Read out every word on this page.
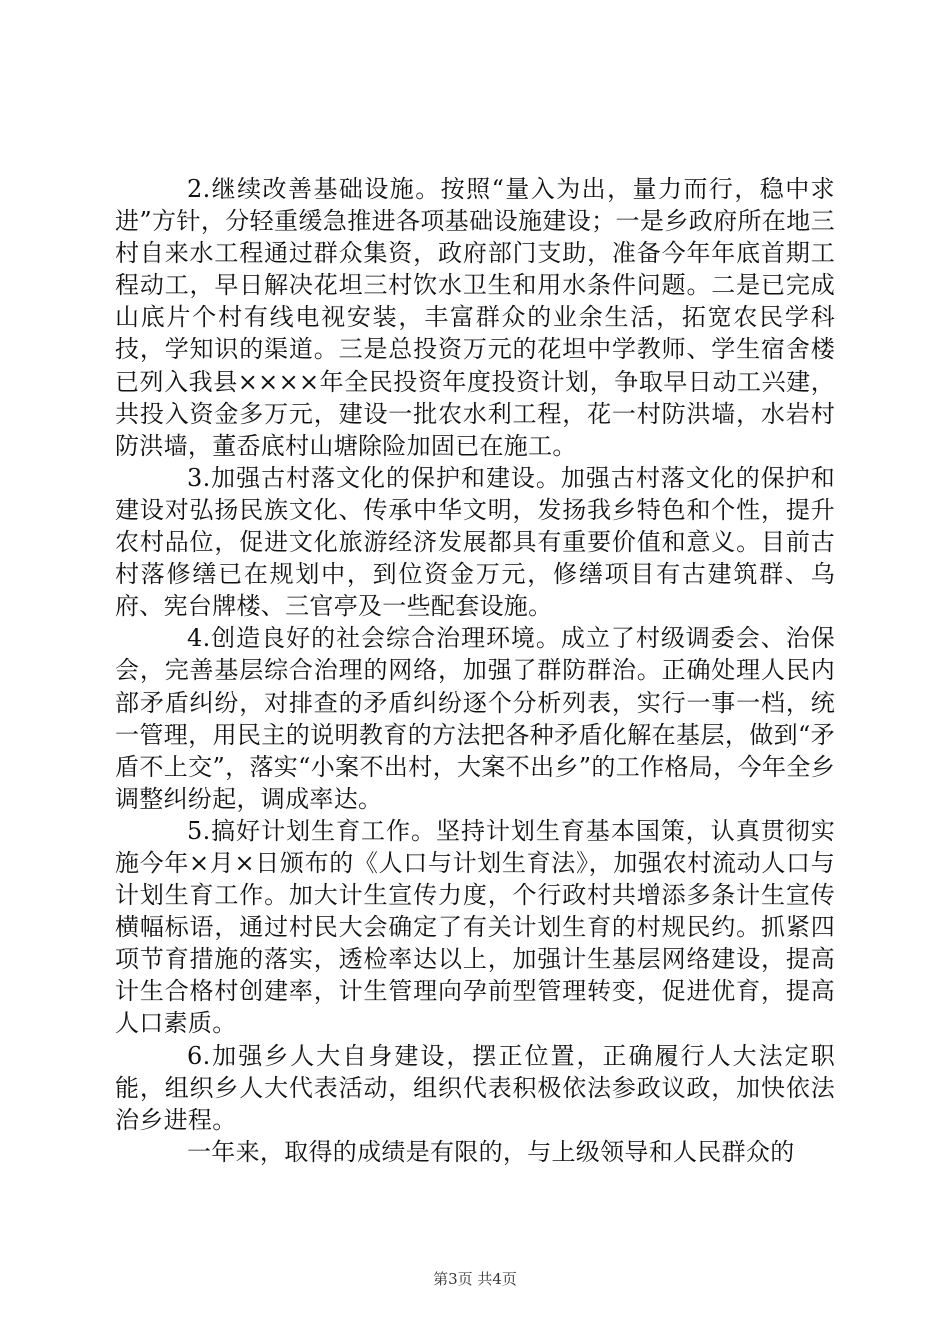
2.继续改善基础设施。按照“量入为出，量力而行，稳中求进”方针，分轻重缓急推进各项基础设施建设；一是乡政府所在地三村自来水工程通过群众集资，政府部门支助，准备今年年底首期工程动工，早日解决花坦三村饮水卫生和用水条件问题。二是已完成山底片个村有线电视安装，丰富群众的业余生活，拓宽农民学科技，学知识的渠道。三是总投资万元的花坦中学教师、学生宿舍楼已列入我县××××年全民投资年度投资计划，争取早日动工兴建，共投入资金多万元，建设一批农水利工程，花一村防洪墙，水岩村防洪墙，董岙底村山塘除险加固已在施工。

3.加强古村落文化的保护和建设。加强古村落文化的保护和建设对弘扬民族文化、传承中华文明，发扬我乡特色和个性，提升农村品位，促进文化旅游经济发展都具有重要价值和意义。目前古村落修缮已在规划中，到位资金万元，修缮项目有古建筑群、乌府、宪台牌楼、三官亭及一些配套设施。

4.创造良好的社会综合治理环境。成立了村级调委会、治保会，完善基层综合治理的网络，加强了群防群治。正确处理人民内部矛盾纠纷，对排查的矛盾纠纷逐个分析列表，实行一事一档，统一管理，用民主的说明教育的方法把各种矛盾化解在基层，做到“矛盾不上交”，落实“小案不出村，大案不出乡”的工作格局，今年全乡调整纠纷起，调成率达。

5.搞好计划生育工作。坚持计划生育基本国策，认真贯彻实施今年×月×日颁布的《人口与计划生育法》，加强农村流动人口与计划生育工作。加大计生宣传力度，个行政村共增添多条计生宣传横幅标语，通过村民大会确定了有关计划生育的村规民约。抓紧四项节育措施的落实，透检率达以上，加强计生基层网络建设，提高计生合格村创建率，计生管理向孕前型管理转变，促进优育，提高人口素质。

6.加强乡人大自身建设，摆正位置，正确履行人大法定职能，组织乡人大代表活动，组织代表积极依法参政议政，加快依法治乡进程。

一年来，取得的成绩是有限的，与上级领导和人民群众的

第3页 共4页
